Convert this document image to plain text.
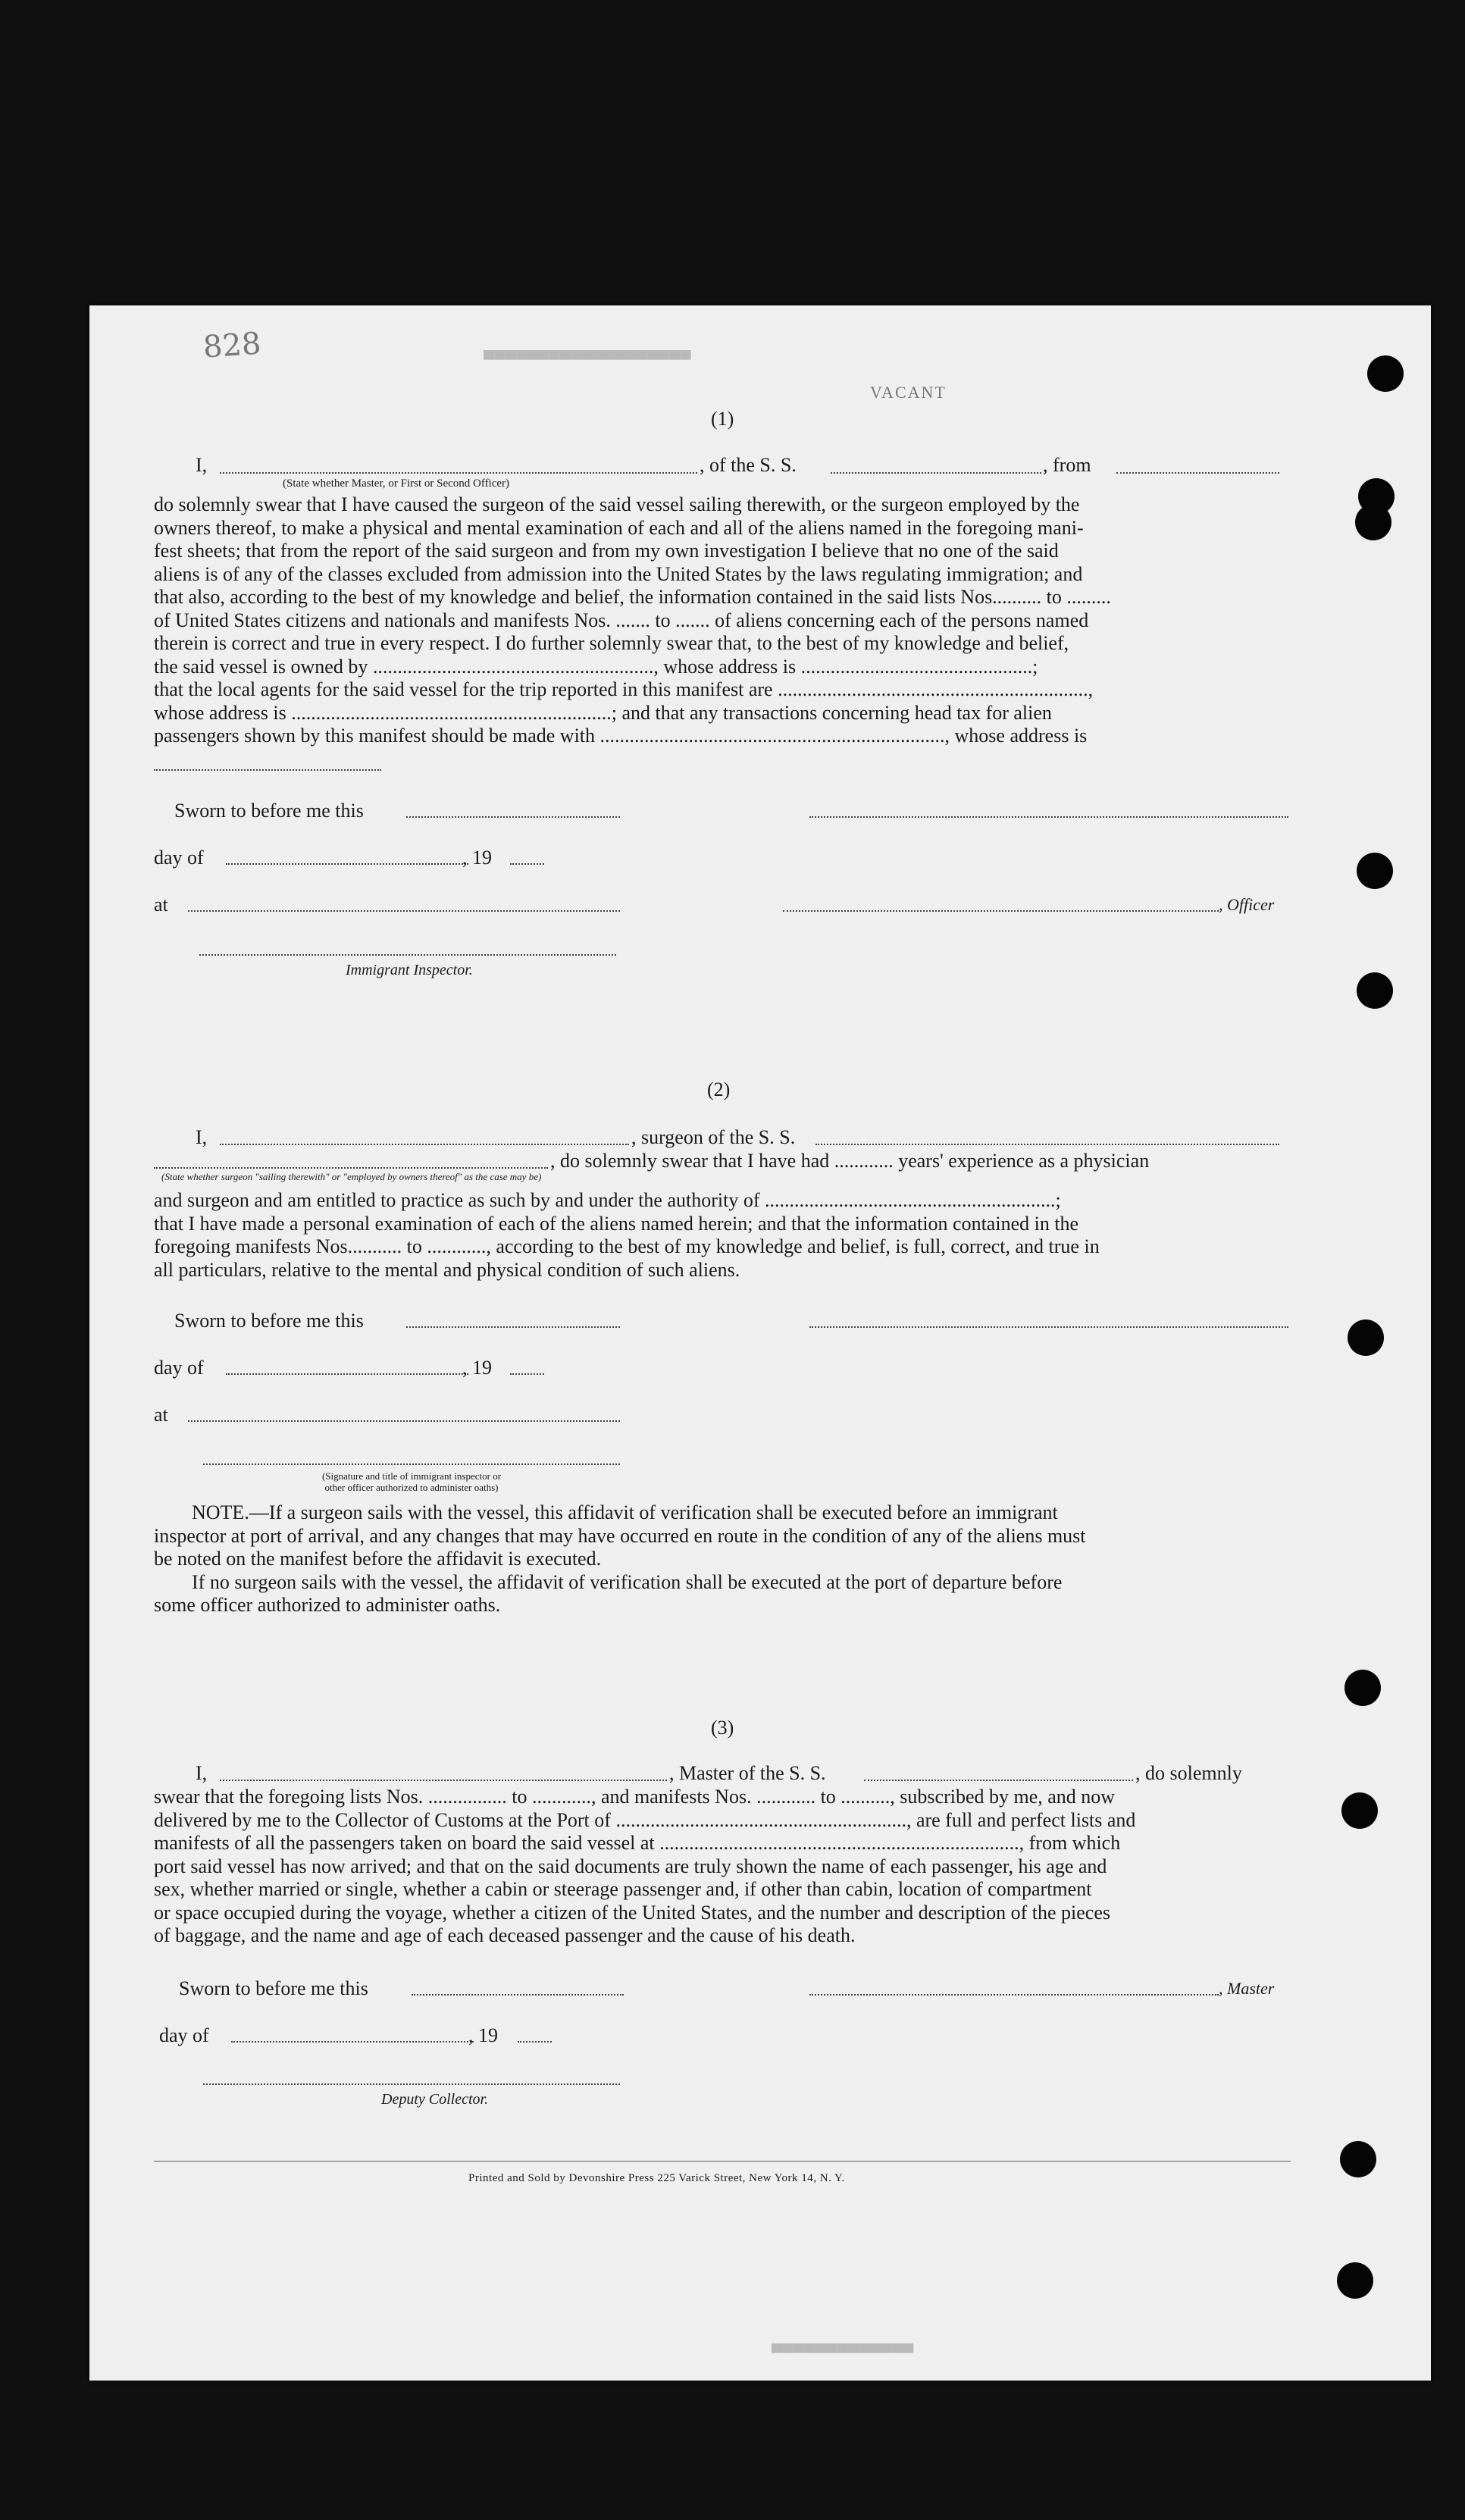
▀▀▀▀▀▀▀▀▀▀▀▀▀▀▀▀▀▀▀
▀▀▀▀▀▀▀▀▀▀▀▀▀
828
VACANT
(1)
I,
(State whether Master, or First or Second Officer)
, of the S. S.	, from
do solemnly swear that I have caused the surgeon of the said vessel sailing therewith, or the surgeon employed by the
owners thereof, to make a physical and mental examination of each and all of the aliens named in the foregoing mani-
fest sheets; that from the report of the said surgeon and from my own investigation I believe that no one of the said
aliens is of any of the classes excluded from admission into the United States by the laws regulating immigration; and
that also, according to the best of my knowledge and belief, the information contained in the said lists Nos.......... to .........
of United States citizens and nationals and manifests Nos. ....... to ....... of aliens concerning each of the persons named
therein is correct and true in every respect. I do further solemnly swear that, to the best of my knowledge and belief,
the said vessel is owned by ........................................................., whose address is ...............................................;
that the local agents for the said vessel for the trip reported in this manifest are ...............................................................,
whose address is .................................................................; and that any transactions concerning head tax for alien
passengers shown by this manifest should be made with ......................................................................, whose address is
Sworn to before me this
day of	, 19
at	, Officer
Immigrant Inspector.
(2)
I,	, surgeon of the S. S.
, do solemnly swear that I have had ............ years' experience as a physician
(State whether surgeon "sailing therewith" or "employed by owners thereof" as the case may be)
and surgeon and am entitled to practice as such by and under the authority of ...........................................................;
that I have made a personal examination of each of the aliens named herein; and that the information contained in the
foregoing manifests Nos........... to ............, according to the best of my knowledge and belief, is full, correct, and true in
all particulars, relative to the mental and physical condition of such aliens.
Sworn to before me this
day of	, 19
at
(Signature and title of immigrant inspector or
other officer authorized to administer oaths)
NOTE.—If a surgeon sails with the vessel, this affidavit of verification shall be executed before an immigrant
inspector at port of arrival, and any changes that may have occurred en route in the condition of any of the aliens must
be noted on the manifest before the affidavit is executed.
If no surgeon sails with the vessel, the affidavit of verification shall be executed at the port of departure before
some officer authorized to administer oaths.
(3)
I,	, Master of the S. S.	, do solemnly
swear that the foregoing lists Nos. ................ to ............, and manifests Nos. ............ to .........., subscribed by me, and now
delivered by me to the Collector of Customs at the Port of ..........................................................., are full and perfect lists and
manifests of all the passengers taken on board the said vessel at ........................................................................., from which
port said vessel has now arrived; and that on the said documents are truly shown the name of each passenger, his age and
sex, whether married or single, whether a cabin or steerage passenger and, if other than cabin, location of compartment
or space occupied during the voyage, whether a citizen of the United States, and the number and description of the pieces
of baggage, and the name and age of each deceased passenger and the cause of his death.
Sworn to before me this	, Master
day of	, 19
Deputy Collector.
Printed and Sold by Devonshire Press 225 Varick Street, New York 14, N. Y.
